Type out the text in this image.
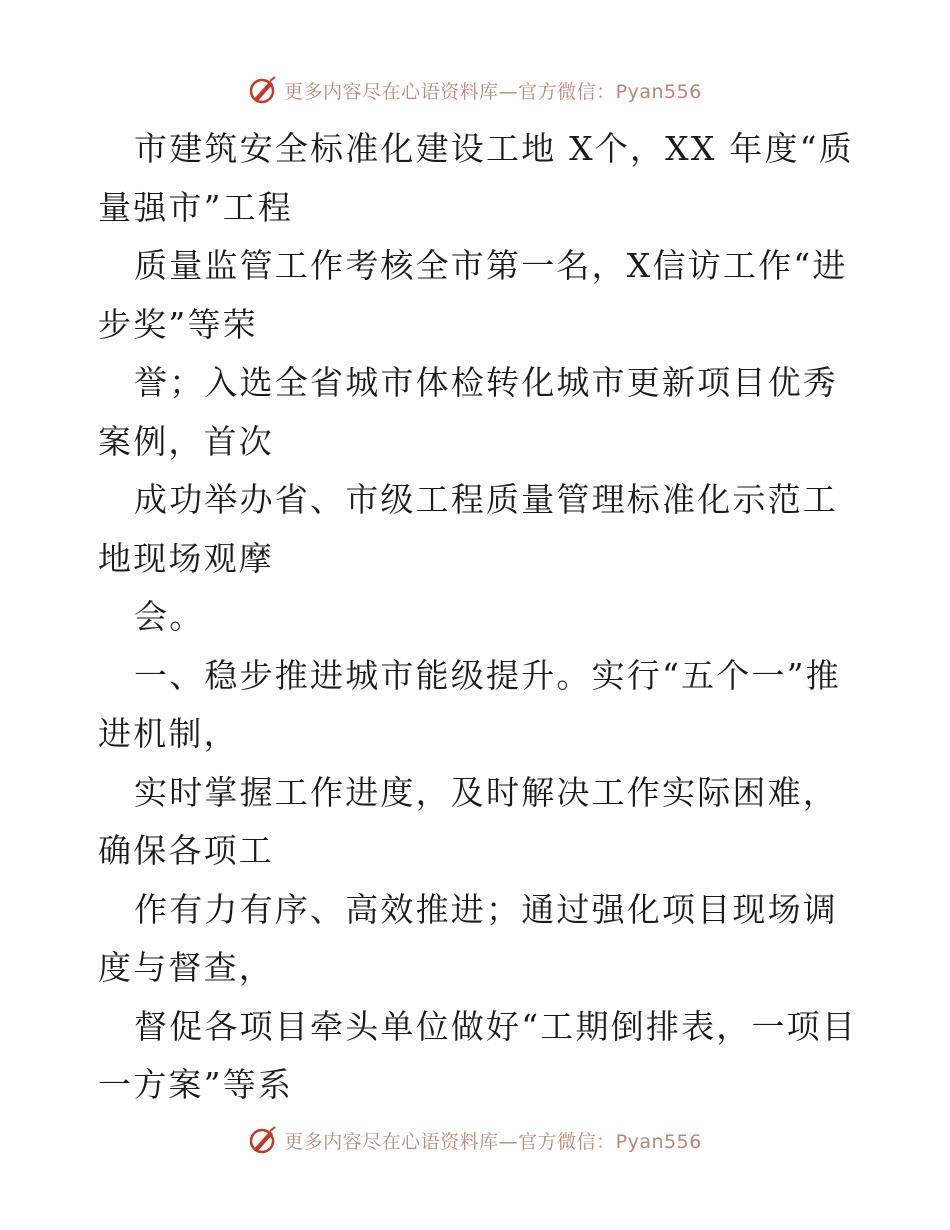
更多内容尽在心语资料库—官方微信：Pyan556

市建筑安全标准化建设工地 X个，XX 年度“质量强市”工程

质量监管工作考核全市第一名，X信访工作“进步奖”等荣

誉；入选全省城市体检转化城市更新项目优秀案例，首次

成功举办省、市级工程质量管理标准化示范工地现场观摩

会。

一、稳步推进城市能级提升。实行“五个一”推进机制，

实时掌握工作进度，及时解决工作实际困难，确保各项工

作有力有序、高效推进；通过强化项目现场调度与督查，

督促各项目牵头单位做好“工期倒排表，一项目一方案”等系

更多内容尽在心语资料库—官方微信：Pyan556
